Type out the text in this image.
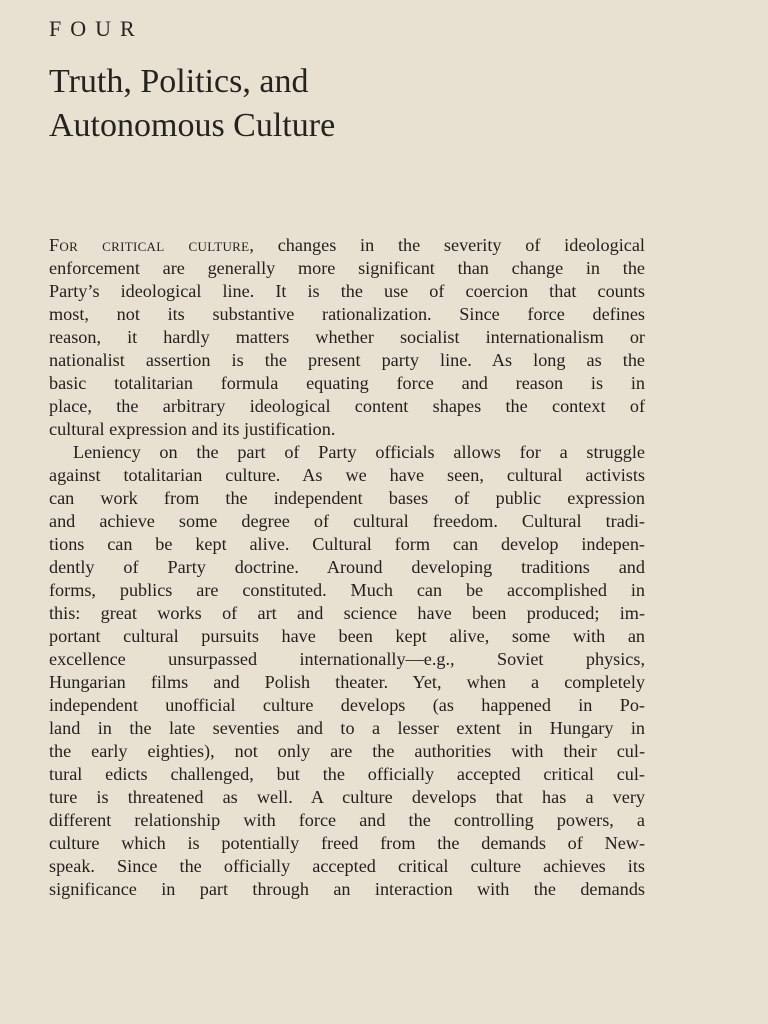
FOUR
Truth, Politics, and
Autonomous Culture
For critical culture, changes in the severity of ideological
enforcement are generally more significant than change in the
Party’s ideological line. It is the use of coercion that counts
most, not its substantive rationalization. Since force defines
reason, it hardly matters whether socialist internationalism or
nationalist assertion is the present party line. As long as the
basic totalitarian formula equating force and reason is in
place, the arbitrary ideological content shapes the context of
cultural expression and its justification.
Leniency on the part of Party officials allows for a struggle
against totalitarian culture. As we have seen, cultural activists
can work from the independent bases of public expression
and achieve some degree of cultural freedom. Cultural tradi-
tions can be kept alive. Cultural form can develop indepen-
dently of Party doctrine. Around developing traditions and
forms, publics are constituted. Much can be accomplished in
this: great works of art and science have been produced; im-
portant cultural pursuits have been kept alive, some with an
excellence unsurpassed internationally—e.g., Soviet physics,
Hungarian films and Polish theater. Yet, when a completely
independent unofficial culture develops (as happened in Po-
land in the late seventies and to a lesser extent in Hungary in
the early eighties), not only are the authorities with their cul-
tural edicts challenged, but the officially accepted critical cul-
ture is threatened as well. A culture develops that has a very
different relationship with force and the controlling powers, a
culture which is potentially freed from the demands of New-
speak. Since the officially accepted critical culture achieves its
significance in part through an interaction with the demands
